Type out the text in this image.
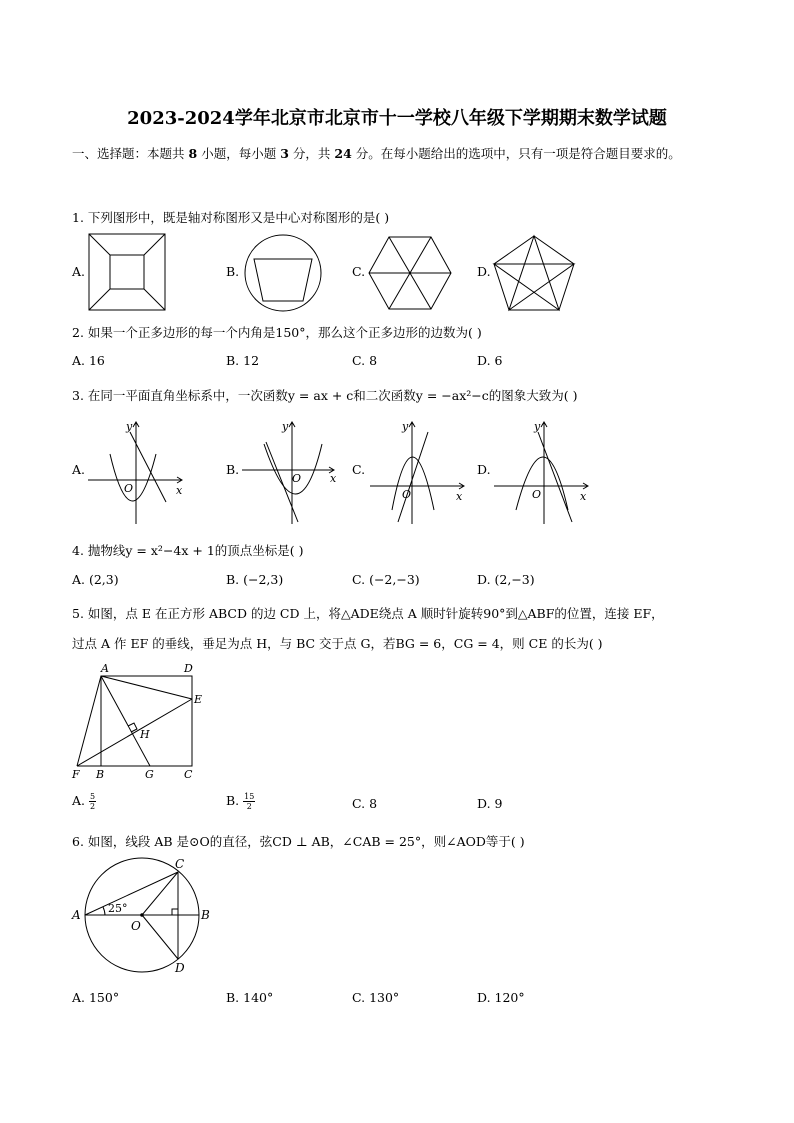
2023-2024学年北京市北京市十一学校八年级下学期期末数学试题
一、选择题：本题共 8 小题，每小题 3 分，共 24 分。在每小题给出的选项中，只有一项是符合题目要求的。
1. 下列图形中，既是轴对称图形又是中心对称图形的是( )
A.	B.	C.	D.
2. 如果一个正多边形的每一个内角是150°，那么这个正多边形的边数为( )
A. 16	B. 12	C. 8	D. 6
3. 在同一平面直角坐标系中，一次函数y = ax + c和二次函数y = −ax²−c的图象大致为( )
A.	B.	C.	D.
y
x
O
y
x
O
y
x
O
y
x
O
4. 抛物线y = x²−4x + 1的顶点坐标是( )
A. (2,3)	B. (−2,3)	C. (−2,−3)	D. (2,−3)
5. 如图，点 E 在正方形 ABCD 的边 CD 上，将△ADE绕点 A 顺时针旋转90°到△ABF的位置，连接 EF，
过点 A 作 EF 的垂线，垂足为点 H，与 BC 交于点 G，若BG = 6，CG = 4，则 CE 的长为( )
A	D
E
H
F B	G	C
A. $\frac{5}{2}$	B. $\frac{15}{2}$	C. 8	D. 9
6. 如图，线段 AB 是⊙O的直径，弦CD ⊥ AB，∠CAB = 25°，则∠AOD等于( )
C
A 25°
O
B
D
A. 150°	B. 140°	C. 130°	D. 120°
